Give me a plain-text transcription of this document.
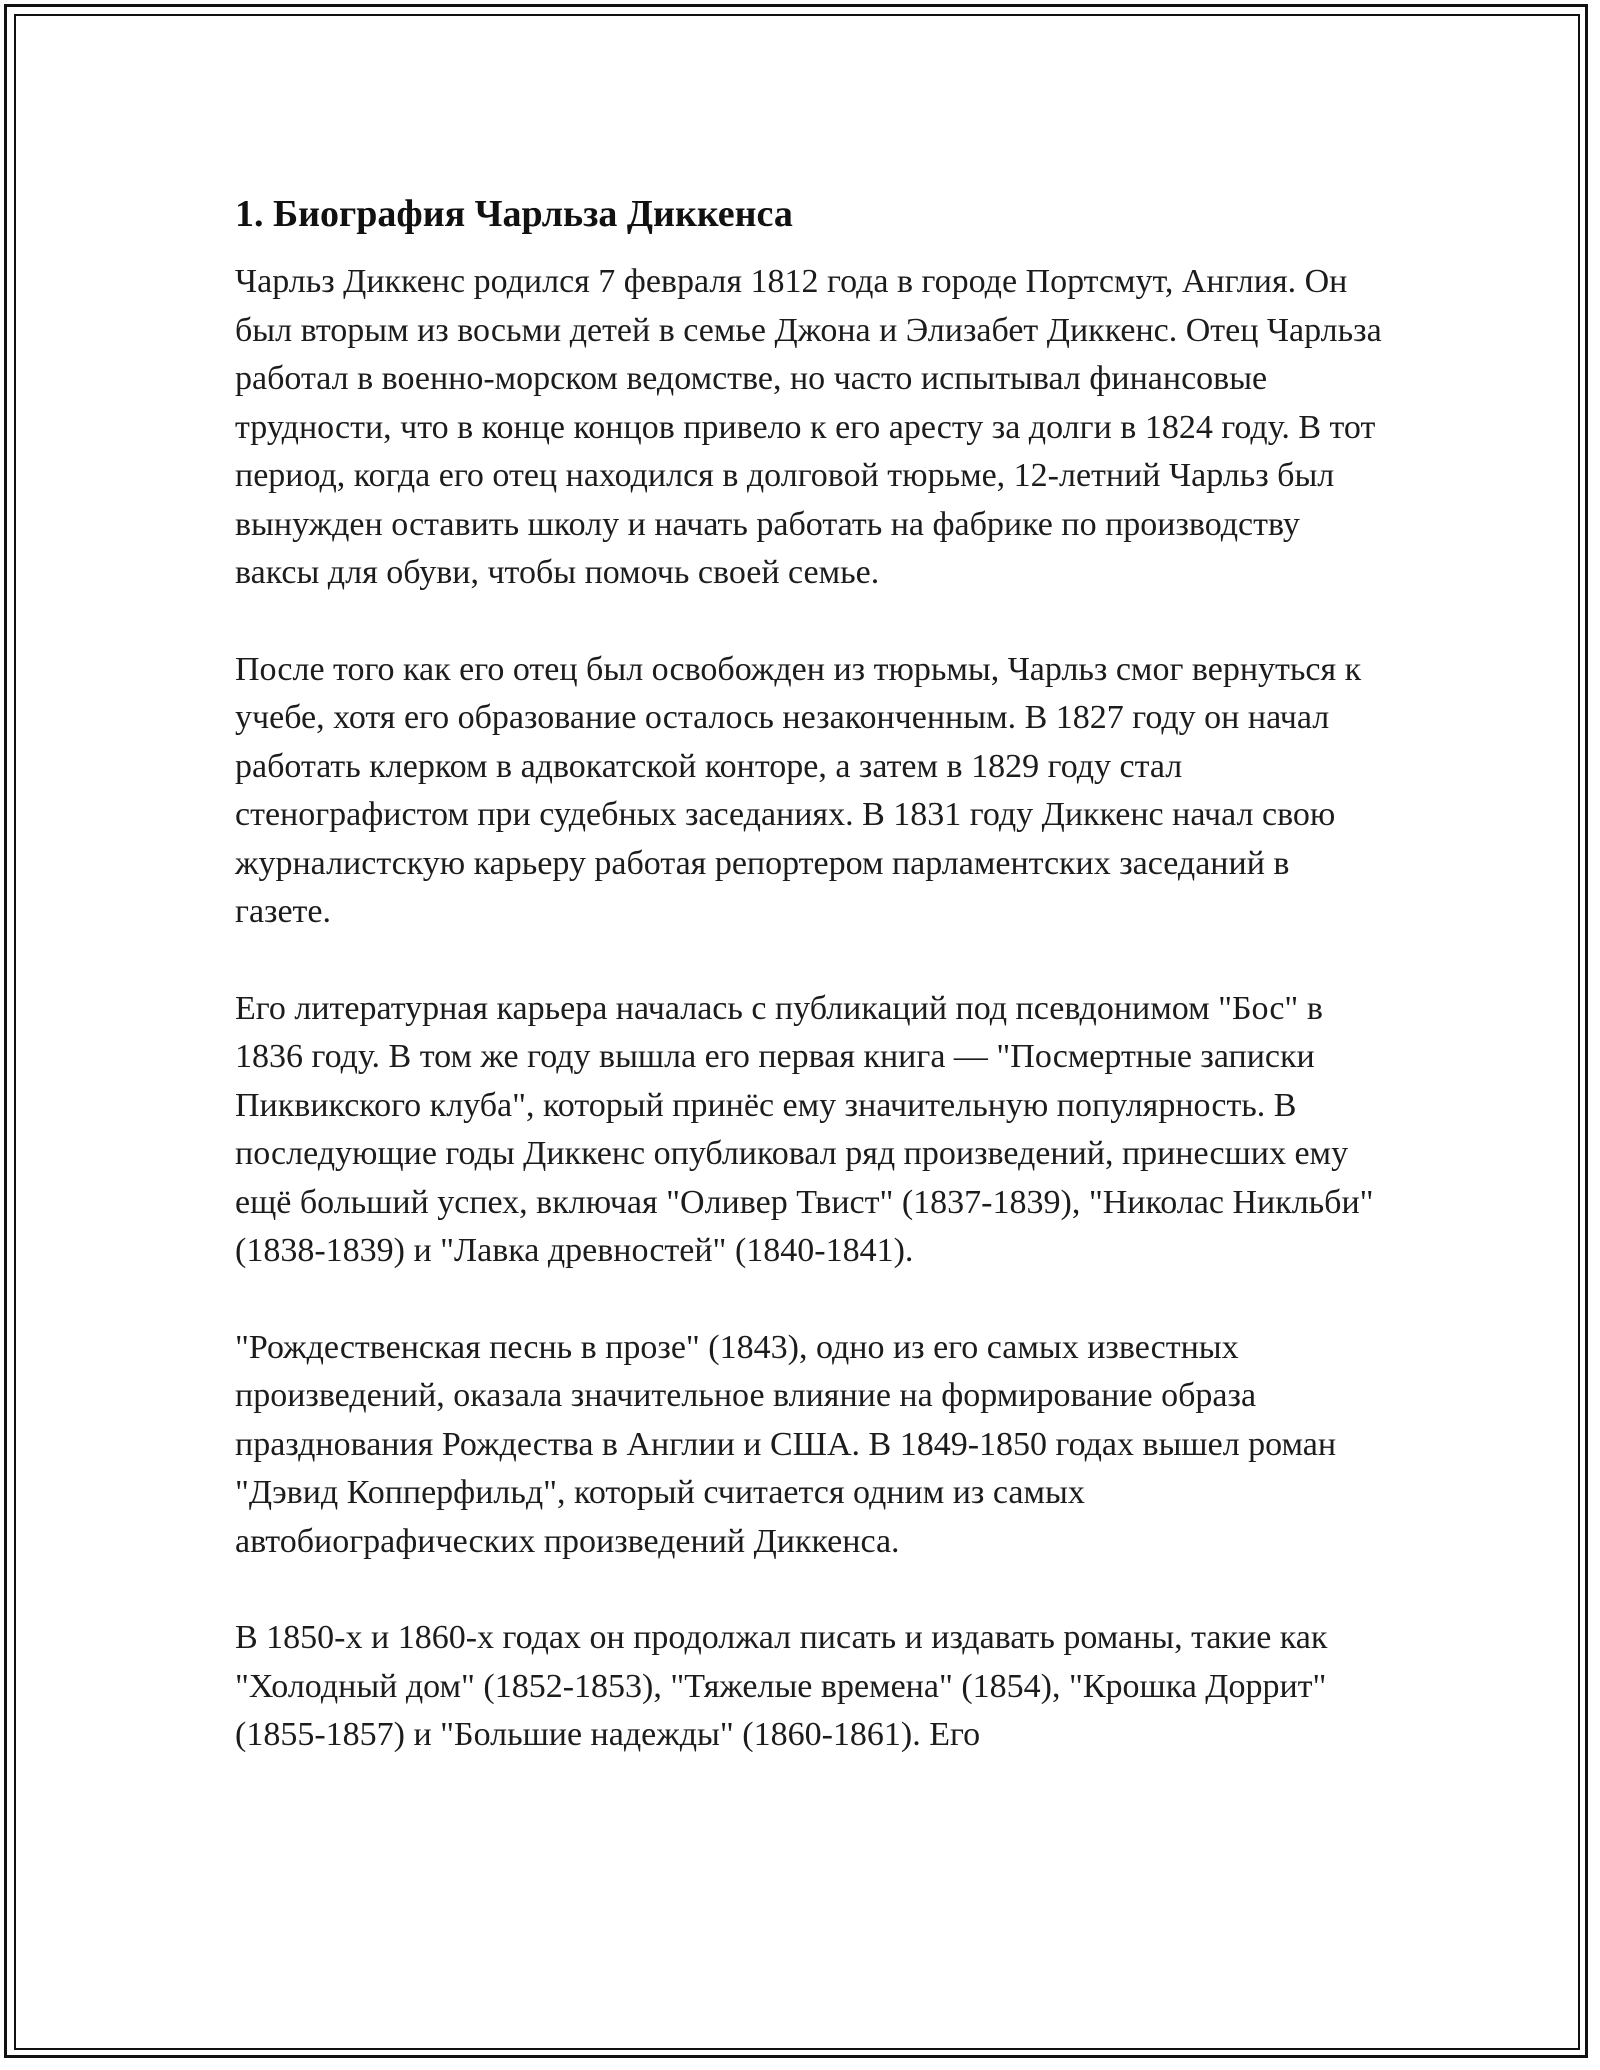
1. Биография Чарльза Диккенса

Чарльз Диккенс родился 7 февраля 1812 года в городе Портсмут, Англия. Он был вторым из восьми детей в семье Джона и Элизабет Диккенс. Отец Чарльза работал в военно-морском ведомстве, но часто испытывал финансовые трудности, что в конце концов привело к его аресту за долги в 1824 году. В тот период, когда его отец находился в долговой тюрьме, 12-летний Чарльз был вынужден оставить школу и начать работать на фабрике по производству ваксы для обуви, чтобы помочь своей семье.

После того как его отец был освобожден из тюрьмы, Чарльз смог вернуться к учебе, хотя его образование осталось незаконченным. В 1827 году он начал работать клерком в адвокатской конторе, а затем в 1829 году стал стенографистом при судебных заседаниях. В 1831 году Диккенс начал свою журналистскую карьеру работая репортером парламентских заседаний в газете.

Его литературная карьера началась с публикаций под псевдонимом "Бос" в 1836 году. В том же году вышла его первая книга — "Посмертные записки Пиквикского клуба", который принёс ему значительную популярность. В последующие годы Диккенс опубликовал ряд произведений, принесших ему ещё больший успех, включая "Оливер Твист" (1837-1839), "Николас Никльби" (1838-1839) и "Лавка древностей" (1840-1841).

"Рождественская песнь в прозе" (1843), одно из его самых известных произведений, оказала значительное влияние на формирование образа празднования Рождества в Англии и США. В 1849-1850 годах вышел роман "Дэвид Копперфильд", который считается одним из самых автобиографических произведений Диккенса.

В 1850-х и 1860-х годах он продолжал писать и издавать романы, такие как "Холодный дом" (1852-1853), "Тяжелые времена" (1854), "Крошка Доррит" (1855-1857) и "Большие надежды" (1860-1861). Его
